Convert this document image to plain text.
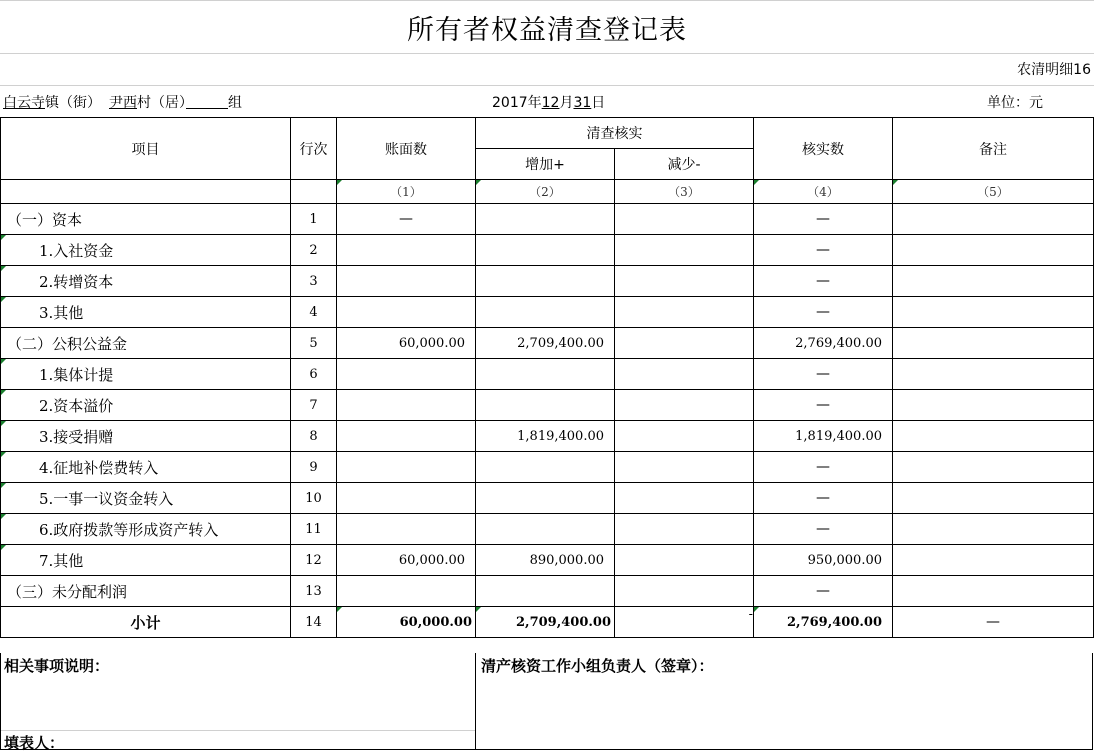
所有者权益清查登记表
农清明细16
白云寺镇（街） 尹西村（居）　　　	组	2017年12月31日	单位：元
项目	行次	账面数	清查核实		核实数	备注
			增加+	减少-		

（1）	（2）	（3）	（4）	（5）
（一）资本	1	—			—	

1.入社资金	2				—	

2.转增资本	3				—	

3.其他	4				—	
（二）公积公益金	5	60,000.00	2,709,400.00		2,769,400.00	

1.集体计提	6				—	

2.资本溢价	7				—	

3.接受捐赠	8		1,819,400.00		1,819,400.00	

4.征地补偿费转入	9				—	

5.一事一议资金转入	10				—	

6.政府拨款等形成资产转入	11				—	

7.其他	12	60,000.00	890,000.00		950,000.00	
（三）未分配利润	13				—	
小计	14	60,000.00	2,709,400.00	-	2,769,400.00	—
相关事项说明：	清产核资工作小组负责人（签章）：
填表人：
